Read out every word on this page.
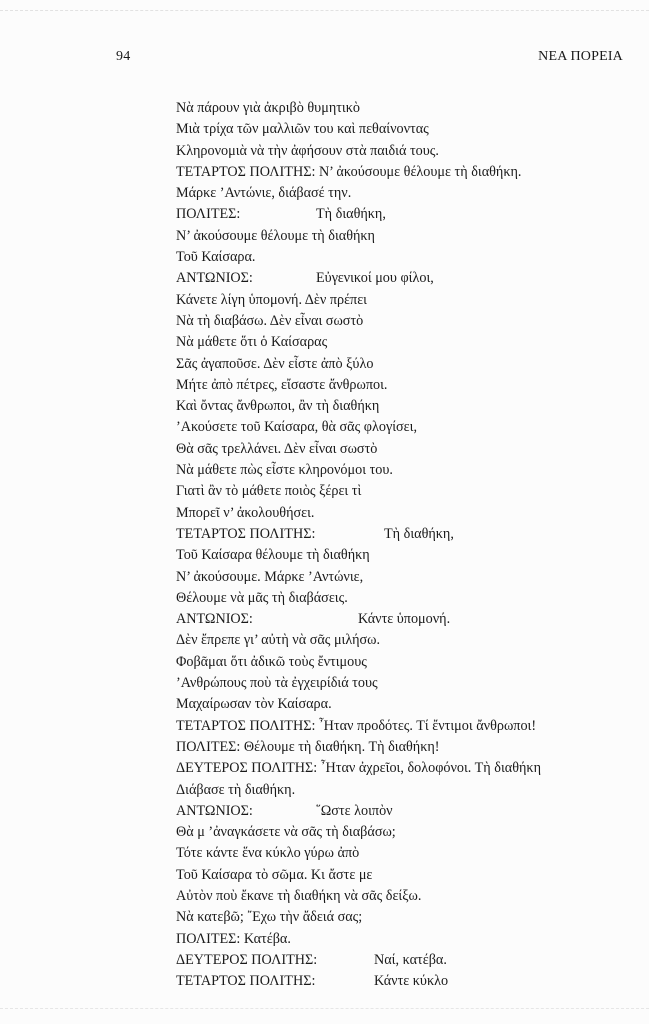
94	ΝΕΑ ΠΟΡΕΙΑ
Νὰ πάρουν γιὰ ἀκριβὸ θυμητικὸ
Μιὰ τρίχα τῶν μαλλιῶν του καὶ πεθαίνοντας
Κληρονομιὰ νὰ τὴν ἀφήσουν στὰ παιδιά τους.
ΤΕΤΑΡΤΟΣ ΠΟΛΙΤΗΣ: Ν’ ἀκούσουμε θέλουμε τὴ διαθήκη.
Μάρκε ’Αντώνιε, διάβασέ την.
ΠΟΛΙΤΕΣ:	Τὴ διαθήκη,
Ν’ ἀκούσουμε θέλουμε τὴ διαθήκη
Τοῦ Καίσαρα.
ΑΝΤΩΝΙΟΣ:	Εὐγενικοί μου φίλοι,
Κάνετε λίγη ὑπομονή. Δὲν πρέπει
Νὰ τὴ διαβάσω. Δὲν εἶναι σωστὸ
Νὰ μάθετε ὅτι ὁ Καίσαρας
Σᾶς ἀγαποῦσε. Δὲν εἶστε ἀπὸ ξύλο
Μήτε ἀπὸ πέτρες, εἴσαστε ἄνθρωποι.
Καὶ ὄντας ἄνθρωποι, ἂν τὴ διαθήκη
’Ακούσετε τοῦ Καίσαρα, θὰ σᾶς φλογίσει,
Θὰ σᾶς τρελλάνει. Δὲν εἶναι σωστὸ
Νὰ μάθετε πὼς εἶστε κληρονόμοι του.
Γιατὶ ἂν τὸ μάθετε ποιὸς ξέρει τὶ
Μπορεῖ ν’ ἀκολουθήσει.
ΤΕΤΑΡΤΟΣ ΠΟΛΙΤΗΣ:	Τὴ διαθήκη,
Τοῦ Καίσαρα θέλουμε τὴ διαθήκη
Ν’ ἀκούσουμε. Μάρκε ’Αντώνιε,
Θέλουμε νὰ μᾶς τὴ διαβάσεις.
ΑΝΤΩΝΙΟΣ:	Κάντε ὑπομονή.
Δὲν ἔπρεπε γι’ αὐτὴ νὰ σᾶς μιλήσω.
Φοβᾶμαι ὅτι ἀδικῶ τοὺς ἔντιμους
’Ανθρώπους ποὺ τὰ ἐγχειρίδιά τους
Μαχαίρωσαν τὸν Καίσαρα.
ΤΕΤΑΡΤΟΣ ΠΟΛΙΤΗΣ: ῏Ηταν προδότες. Τί ἔντιμοι ἄνθρωποι!
ΠΟΛΙΤΕΣ: Θέλουμε τὴ διαθήκη. Τὴ διαθήκη!
ΔΕΥΤΕΡΟΣ ΠΟΛΙΤΗΣ: ῏Ηταν ἀχρεῖοι, δολοφόνοι. Τὴ διαθήκη
Διάβασε τὴ διαθήκη.
ΑΝΤΩΝΙΟΣ:	῞Ωστε λοιπὸν
Θὰ μ ’ἀναγκάσετε νὰ σᾶς τὴ διαβάσω;
Τότε κάντε ἕνα κύκλο γύρω ἀπὸ
Τοῦ Καίσαρα τὸ σῶμα. Κι ἄστε με
Αὐτὸν ποὺ ἔκανε τὴ διαθήκη νὰ σᾶς δείξω.
Νὰ κατεβῶ; ῎Εχω τὴν ἄδειά σας;
ΠΟΛΙΤΕΣ: Κατέβα.
ΔΕΥΤΕΡΟΣ ΠΟΛΙΤΗΣ:	Ναί, κατέβα.
ΤΕΤΑΡΤΟΣ ΠΟΛΙΤΗΣ:	Κάντε κύκλο
